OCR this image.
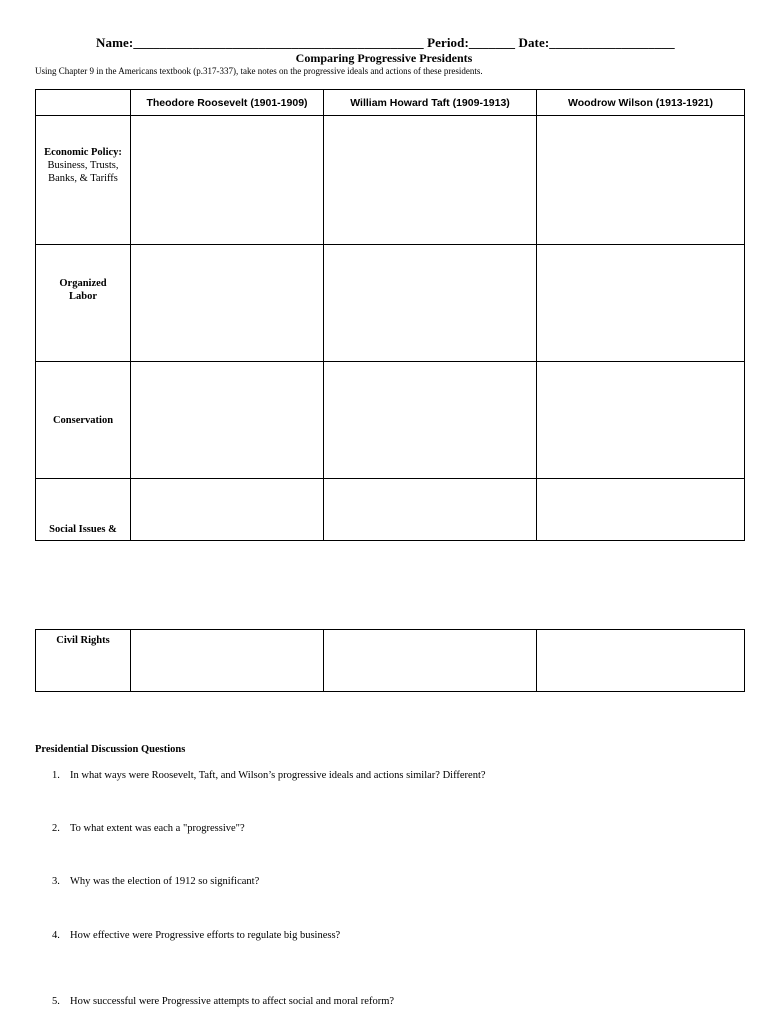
Name:____________________________________________ Period:_______ Date:___________________
Comparing Progressive Presidents
Using Chapter 9 in the Americans textbook (p.317-337), take notes on the progressive ideals and actions of these presidents.
	Theodore Roosevelt (1901-1909)	William Howard Taft (1909-1913)	Woodrow Wilson (1913-1921)
Economic Policy:
Business, Trusts, Banks, & Tariffs			
Organized Labor			
Conservation			
Social Issues &			
Civil Rights			
Presidential Discussion Questions
1. In what ways were Roosevelt, Taft, and Wilson’s progressive ideals and actions similar? Different?
2. To what extent was each a "progressive"?
3. Why was the election of 1912 so significant?
4. How effective were Progressive efforts to regulate big business?
5. How successful were Progressive attempts to affect social and moral reform?
